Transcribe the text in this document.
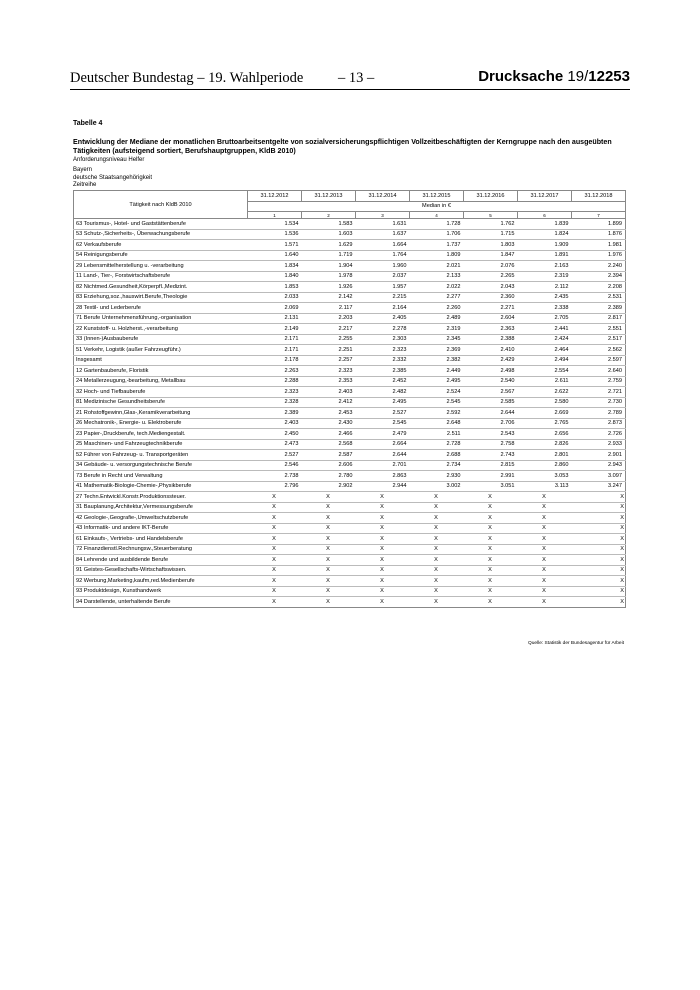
Deutscher Bundestag – 19. Wahlperiode – 13 –	Drucksache 19/12253
Tabelle 4
Entwicklung der Mediane der monatlichen Bruttoarbeitsentgelte von sozialversicherungspflichtigen Vollzeitbeschäftigten der Kerngruppe nach den ausgeübten Tätigkeiten (aufsteigend sortiert, Berufshauptgruppen, KldB 2010)
Anforderungsniveau Helfer
Bayern
deutsche Staatsangehörigkeit
Zeitreihe
Tätigkeit nach KldB 2010	31.12.2012	31.12.2013	31.12.2014	31.12.2015	31.12.2016	31.12.2017	31.12.2018
	Median in €						
	1	2	3	4	5	6	7
63 Tourismus-, Hotel- und Gaststättenberufe	1.534	1.583	1.631	1.728	1.762	1.839	1.899
53 Schutz-,Sicherheits-, Überwachungsberufe	1.536	1.603	1.637	1.706	1.715	1.824	1.876
62 Verkaufsberufe	1.571	1.629	1.664	1.737	1.803	1.909	1.981
54 Reinigungsberufe	1.640	1.719	1.764	1.809	1.847	1.891	1.976
29 Lebensmittelherstellung u. -verarbeitung	1.834	1.904	1.960	2.021	2.076	2.163	2.240
11 Land-, Tier-, Forstwirtschaftsberufe	1.840	1.978	2.037	2.133	2.265	2.319	2.394
82 Nichtmed.Gesundheit,Körperpfl.,Medizint.	1.853	1.926	1.957	2.022	2.043	2.112	2.208
83 Erziehung,soz.,hauswirt.Berufe,Theologie	2.033	2.142	2.215	2.277	2.360	2.435	2.531
28 Textil- und Lederberufe	2.069	2.117	2.164	2.260	2.271	2.338	2.389
71 Berufe Unternehmensführung,-organisation	2.131	2.203	2.405	2.489	2.604	2.705	2.817
22 Kunststoff- u. Holzherst.,-verarbeitung	2.149	2.217	2.278	2.319	2.363	2.441	2.551
33 (Innen-)Ausbauberufe	2.171	2.255	2.303	2.345	2.388	2.424	2.517
51 Verkehr, Logistik (außer Fahrzeugführ.)	2.171	2.251	2.323	2.369	2.410	2.464	2.562
Insgesamt	2.178	2.257	2.332	2.382	2.429	2.494	2.597
12 Gartenbauberufe, Floristik	2.263	2.323	2.385	2.449	2.498	2.554	2.640
24 Metallerzeugung,-bearbeitung, Metallbau	2.288	2.353	2.452	2.495	2.540	2.611	2.759
32 Hoch- und Tiefbauberufe	2.323	2.403	2.482	2.524	2.567	2.622	2.721
81 Medizinische Gesundheitsberufe	2.328	2.412	2.495	2.545	2.585	2.580	2.730
21 Rohstoffgewinn,Glas-,Keramikverarbeitung	2.389	2.453	2.527	2.592	2.644	2.669	2.789
26 Mechatronik-, Energie- u. Elektroberufe	2.403	2.430	2.545	2.648	2.706	2.765	2.873
23 Papier-,Druckberufe, tech.Mediengestalt.	2.450	2.466	2.479	2.511	2.543	2.656	2.726
25 Maschinen- und Fahrzeugtechnikberufe	2.473	2.568	2.664	2.728	2.758	2.826	2.933
52 Führer von Fahrzeug- u. Transportgeräten	2.527	2.587	2.644	2.688	2.743	2.801	2.901
34 Gebäude- u. versorgungstechnische Berufe	2.546	2.606	2.701	2.734	2.815	2.860	2.943
73 Berufe in Recht und Verwaltung	2.738	2.780	2.863	2.930	2.991	3.053	3.097
41 Mathematik-Biologie-Chemie-,Physikberufe	2.796	2.902	2.944	3.002	3.051	3.113	3.247
27 Techn.Entwickl.Konstr.Produktionssteuer.	X	X	X	X	X	X	X
31 Bauplanung,Architektur,Vermessungsberufe	X	X	X	X	X	X	X
42 Geologie-,Geografie-,Umweltschutzberufe	X	X	X	X	X	X	X
43 Informatik- und andere IKT-Berufe	X	X	X	X	X	X	X
61 Einkaufs-, Vertriebs- und Handelsberufe	X	X	X	X	X	X	X
72 Finanzdienstl.Rechnungsw.,Steuerberatung	X	X	X	X	X	X	X
84 Lehrende und ausbildende Berufe	X	X	X	X	X	X	X
91 Geistes-Gesellschafts-Wirtschaftswissen.	X	X	X	X	X	X	X
92 Werbung,Marketing,kaufm,red.Medienberufe	X	X	X	X	X	X	X
93 Produktdesign, Kunsthandwerk	X	X	X	X	X	X	X
94 Darstellende, unterhaltende Berufe	X	X	X	X	X	X	X
Quelle: Statistik der Bundesagentur für Arbeit
